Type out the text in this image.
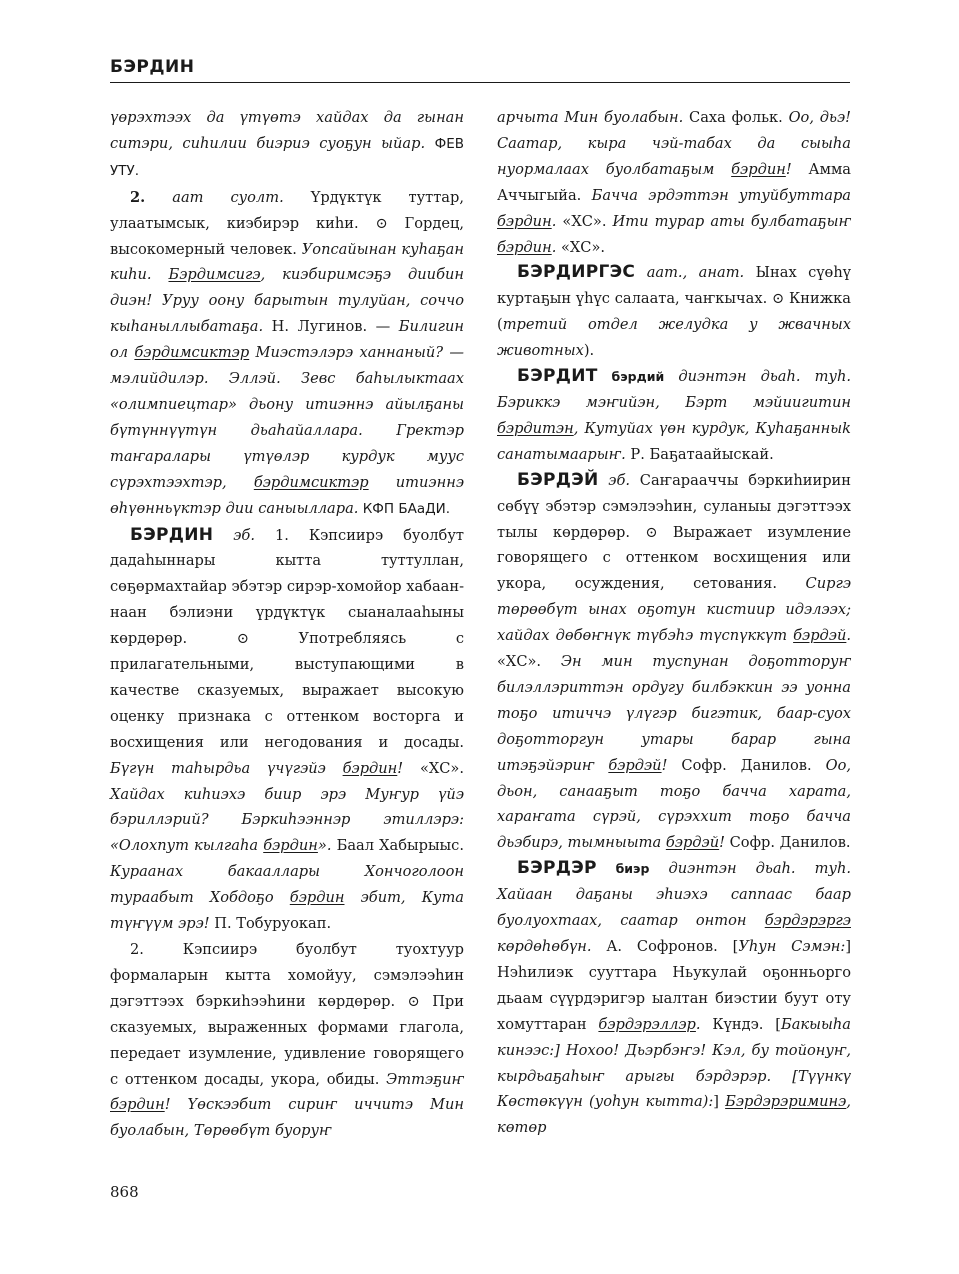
БЭРДИН

үөрэхтээх да үтүөтэ хайдах да гынан ситэри, сиһилии биэриэ суоҕун ыйар. ФЕВ УТУ.

2. аат суолт. Үрдүктүк туттар, улаатымсык, киэбирэр киһи. ⊙ Гордец, высокомерный человек. Уопсайынан куһаҕан киһи. Бэрдимсигэ, киэбиримсэҕэ диибин диэн! Уруу оону барытын тулуйан, соччо кыһаныллыбатаҕа. Н. Лугинов. — Билигин ол бэрдимсиктэр Миэстэлэрэ ханнаный? — мэлийдилэр. Эллэй. Зевс баһылыктаах «олимпиецтар» дьону итиэннэ айылҕаны бүтүннүүтүн дьаһайаллара. Гректэр таҥаралары үтүөлэр курдук муус сүрэхтээхтэр, бэрдимсиктэр итиэннэ өһүөнньүктэр дии саныыллара. КФП БАаДИ.

БЭРДИН эб. 1. Кэпсиирэ буолбут дадаһыннары кытта туттуллан, сөҕөрмахтайар эбэтэр сирэр-хомойор хабаан-наан бэлиэни үрдүктүк сыаналааһыны көрдөрөр. ⊙ Употребляясь с прилагательными, выступающими в качестве сказуемых, выражает высокую оценку признака с оттенком восторга и восхищения или негодования и досады. Бүгүн таһырдьа үчүгэйэ бэрдин! «ХС». Хайдах киһиэхэ биир эрэ Муҥур үйэ бэриллэрий? Бэркиһээннэр этиллэрэ: «Олохпут кылгаһа бэрдин». Баал Хабырыыс. Кураанах бакааллары Хончоголоон тураабыт Хобдоҕо бэрдин эбит, Кута түҥүүм эрэ! П. Тобуруокап.

2. Кэпсиирэ буолбут туохтуур формаларын кытта хомойуу, сэмэлээһин дэгэттээх бэркиһээһини көрдөрөр. ⊙ При сказуемых, выраженных формами глагола, передает изумление, удивление говорящего с оттенком досады, укора, обиды. Эттэҕиҥ бэрдин! Үөскээбит сириҥ иччитэ Мин буолабын, Төрөөбүт буоруҥ

арчыта Мин буолабын. Саха фольк. Оо, дьэ! Саатар, кыра чэй-табах да сыыһа нуормалаах буолбатаҕым бэрдин! Амма Аччыгыйа. Бачча эрдэттэн утуйбуттара бэрдин. «ХС». Ити турар аты булбатаҕыҥ бэрдин. «ХС».

БЭРДИРГЭС аат., анат. Ынах сүөһү куртаҕын үһүс салаата, чаҥкычах. ⊙ Книжка (третий отдел желудка у жвачных животных).

БЭРДИТ бэрдий диэнтэн дьаһ. туһ. Бэриккэ мэҥийэн, Бэрт мэйиигитин бэрдитэн, Кутуйах үөн курдук, Куһаҕанныk санатымаарыҥ. Р. Баҕатаайыскай.

БЭРДЭЙ эб. Саҥарааччы бэркиһиирин сөбүү эбэтэр сэмэлээһин, суланыы дэгэттээх тылы көрдөрөр. ⊙ Выражает изумление говорящего с оттенком восхищения или укора, осуждения, сетования. Сиргэ төрөөбүт ынах оҕотун кистиир идэлээх; хайдах дөбөҥнүк түбэһэ түспүккүт бэрдэй. «ХС». Эн мин туспунан доҕотторуҥ билэллэриттэн ордугу билбэккин ээ уонна тоҕо итиччэ үлүгэр бигэтик, баар-суох доҕотторгун утары барар гына итэҕэйэриҥ бэрдэй! Софр. Данилов. Оо, дьон, санааҕыт тоҕо бачча харата, хараҥата сүрэй, сүрэххит тоҕо бачча дьэбирэ, тымныыта бэрдэй! Софр. Данилов.

БЭРДЭР биэр диэнтэн дьаһ. туһ. Хайаан даҕаны эһиэхэ саппаас баар буолуохтааx, саатар онтон бэрдэрэргэ көрдөһөбүн. А. Софронов. [Уһун Сэмэн:] Нэһилиэк сууттара Ньукулай оҕонньорго дьаам сүүрдэригэр ыалтан биэстии буут оту хомуттаран бэрдэрэллэр. Күндэ. [Бакыыһа кинээс:] Нохоо! Дьэрбэҥэ! Кэл, бу тойонуҥ, кырдьаҕаһыҥ арыгы бэрдэрэр. [Түүнкү Көстөкүүн (уоһун кытта):] Бэрдэрэриминэ, көтөр

868
